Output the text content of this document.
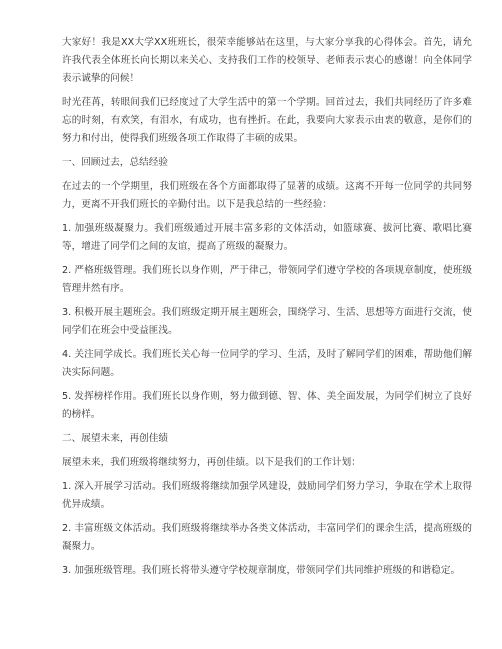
大家好！我是XX大学XX班班长，很荣幸能够站在这里，与大家分享我的心得体会。首先，请允许我代表全体班长向长期以来关心、支持我们工作的校领导、老师表示衷心的感谢！向全体同学表示诚挚的问候！

时光荏苒，转眼间我们已经度过了大学生活中的第一个学期。回首过去，我们共同经历了许多难忘的时刻，有欢笑，有泪水，有成功，也有挫折。在此，我要向大家表示由衷的敬意，是你们的努力和付出，使得我们班级各项工作取得了丰硕的成果。

一、回顾过去，总结经验

在过去的一个学期里，我们班级在各个方面都取得了显著的成绩。这离不开每一位同学的共同努力，更离不开我们班长的辛勤付出。以下是我总结的一些经验：

1. 加强班级凝聚力。我们班级通过开展丰富多彩的文体活动，如篮球赛、拔河比赛、歌唱比赛等，增进了同学们之间的友谊，提高了班级的凝聚力。

2. 严格班级管理。我们班长以身作则，严于律己，带领同学们遵守学校的各项规章制度，使班级管理井然有序。

3. 积极开展主题班会。我们班级定期开展主题班会，围绕学习、生活、思想等方面进行交流，使同学们在班会中受益匪浅。

4. 关注同学成长。我们班长关心每一位同学的学习、生活，及时了解同学们的困难，帮助他们解决实际问题。

5. 发挥榜样作用。我们班长以身作则，努力做到德、智、体、美全面发展，为同学们树立了良好的榜样。

二、展望未来，再创佳绩

展望未来，我们班级将继续努力，再创佳绩。以下是我们的工作计划：

1. 深入开展学习活动。我们班级将继续加强学风建设，鼓励同学们努力学习，争取在学术上取得优异成绩。

2. 丰富班级文体活动。我们班级将继续举办各类文体活动，丰富同学们的课余生活，提高班级的凝聚力。

3. 加强班级管理。我们班长将带头遵守学校规章制度，带领同学们共同维护班级的和谐稳定。
